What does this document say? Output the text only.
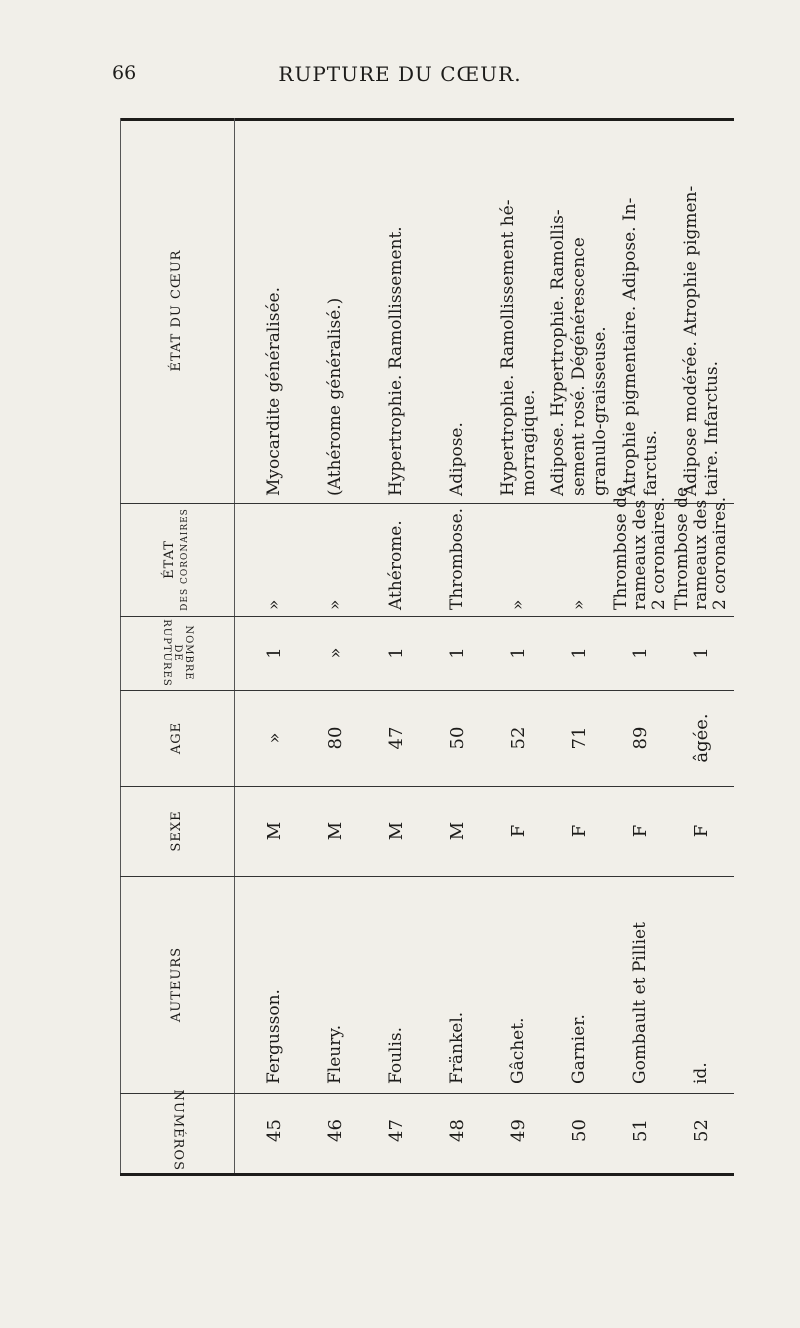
66	RUPTURE DU CŒUR.
NUMÉROS
AUTEURS
SEXE
AGE
NOMBRE DE RUPTURES
ÉTAT DES CORONAIRES
ÉTAT DU CŒUR
45
Fergusson.
M
»
1
»
Myocardite généralisée.
46
Fleury.
M
80
»
»
(Athérome généralisé.)
47
Foulis.
M
47
1
Athérome.
Hypertrophie. Ramollissement.
48
Fränkel.
M
50
1
Thrombose.
Adipose.
49
Gâchet.
F
52
1
»
Hypertrophie. Ramollissement hé- morragique.
50
Garnier.
F
71
1
»
Adipose. Hypertrophie. Ramollis- sement rosé. Dégénérescence granulo-graisseuse.
51
Gombault et Pilliet
F
89
1
Thrombose de rameaux des 2 coronaires.
Atrophie pigmentaire. Adipose. In- farctus.
52
id.
F
âgée.
1
Thrombose de rameaux des 2 coronaires.
Adipose modérée. Atrophie pigmen- taire. Infarctus.
